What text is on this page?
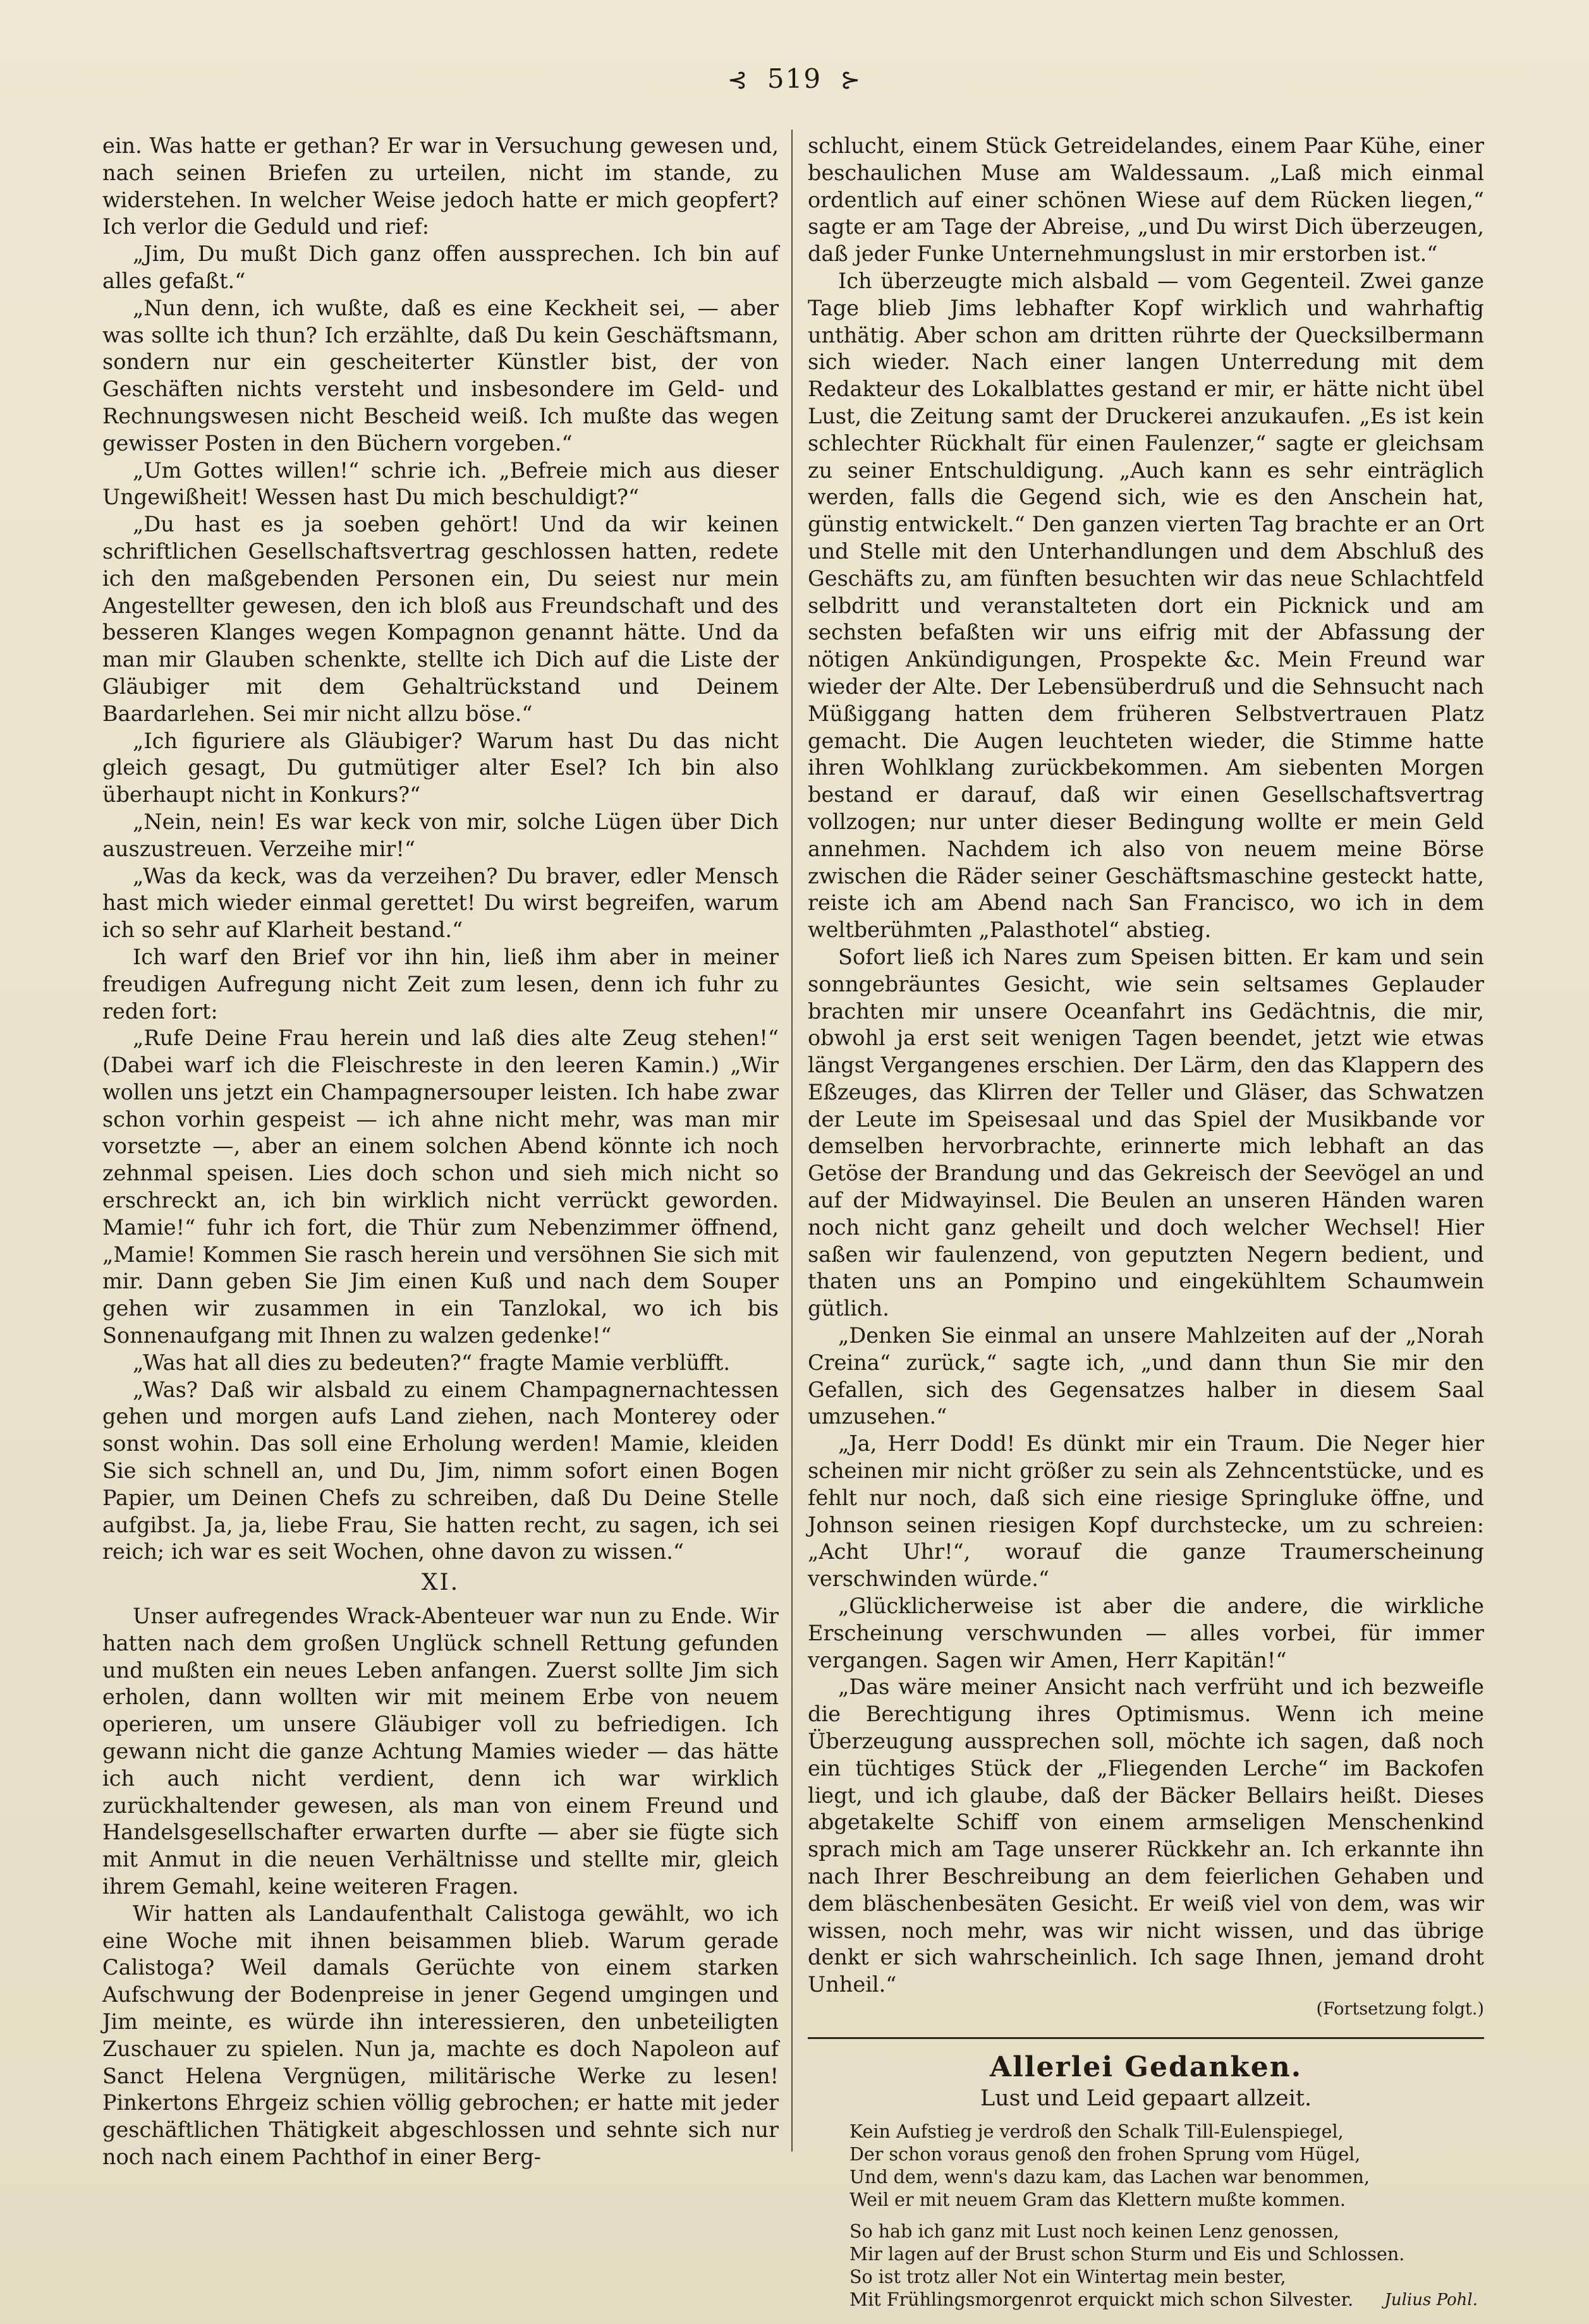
⊰ 519 ⊱

ein. Was hatte er gethan? Er war in Versuchung gewesen und, nach seinen Briefen zu urteilen, nicht im stande, zu widerstehen. In welcher Weise jedoch hatte er mich geopfert? Ich verlor die Geduld und rief:

„Jim, Du mußt Dich ganz offen aussprechen. Ich bin auf alles gefaßt.“

„Nun denn, ich wußte, daß es eine Keckheit sei, — aber was sollte ich thun? Ich erzählte, daß Du kein Geschäftsmann, sondern nur ein gescheiterter Künstler bist, der von Geschäften nichts versteht und insbesondere im Geld- und Rechnungswesen nicht Bescheid weiß. Ich mußte das wegen gewisser Posten in den Büchern vorgeben.“

„Um Gottes willen!“ schrie ich. „Befreie mich aus dieser Ungewißheit! Wessen hast Du mich beschuldigt?“

„Du hast es ja soeben gehört! Und da wir keinen schriftlichen Gesellschaftsvertrag geschlossen hatten, redete ich den maßgebenden Personen ein, Du seiest nur mein Angestellter gewesen, den ich bloß aus Freundschaft und des besseren Klanges wegen Kompagnon genannt hätte. Und da man mir Glauben schenkte, stellte ich Dich auf die Liste der Gläubiger mit dem Gehaltrückstand und Deinem Baardarlehen. Sei mir nicht allzu böse.“

„Ich figuriere als Gläubiger? Warum hast Du das nicht gleich gesagt, Du gutmütiger alter Esel? Ich bin also überhaupt nicht in Konkurs?“

„Nein, nein! Es war keck von mir, solche Lügen über Dich auszustreuen. Verzeihe mir!“

„Was da keck, was da verzeihen? Du braver, edler Mensch hast mich wieder einmal gerettet! Du wirst begreifen, warum ich so sehr auf Klarheit bestand.“

Ich warf den Brief vor ihn hin, ließ ihm aber in meiner freudigen Aufregung nicht Zeit zum lesen, denn ich fuhr zu reden fort:

„Rufe Deine Frau herein und laß dies alte Zeug stehen!“ (Dabei warf ich die Fleischreste in den leeren Kamin.) „Wir wollen uns jetzt ein Champagnersouper leisten. Ich habe zwar schon vorhin gespeist — ich ahne nicht mehr, was man mir vorsetzte —, aber an einem solchen Abend könnte ich noch zehnmal speisen. Lies doch schon und sieh mich nicht so erschreckt an, ich bin wirklich nicht verrückt geworden. Mamie!“ fuhr ich fort, die Thür zum Nebenzimmer öffnend, „Mamie! Kommen Sie rasch herein und versöhnen Sie sich mit mir. Dann geben Sie Jim einen Kuß und nach dem Souper gehen wir zusammen in ein Tanzlokal, wo ich bis Sonnenaufgang mit Ihnen zu walzen gedenke!“

„Was hat all dies zu bedeuten?“ fragte Mamie verblüfft.

„Was? Daß wir alsbald zu einem Champagnernachtessen gehen und morgen aufs Land ziehen, nach Monterey oder sonst wohin. Das soll eine Erholung werden! Mamie, kleiden Sie sich schnell an, und Du, Jim, nimm sofort einen Bogen Papier, um Deinen Chefs zu schreiben, daß Du Deine Stelle aufgibst. Ja, ja, liebe Frau, Sie hatten recht, zu sagen, ich sei reich; ich war es seit Wochen, ohne davon zu wissen.“

XI.

Unser aufregendes Wrack-Abenteuer war nun zu Ende. Wir hatten nach dem großen Unglück schnell Rettung gefunden und mußten ein neues Leben anfangen. Zuerst sollte Jim sich erholen, dann wollten wir mit meinem Erbe von neuem operieren, um unsere Gläubiger voll zu befriedigen. Ich gewann nicht die ganze Achtung Mamies wieder — das hätte ich auch nicht verdient, denn ich war wirklich zurückhaltender gewesen, als man von einem Freund und Handelsgesellschafter erwarten durfte — aber sie fügte sich mit Anmut in die neuen Verhältnisse und stellte mir, gleich ihrem Gemahl, keine weiteren Fragen.

Wir hatten als Landaufenthalt Calistoga gewählt, wo ich eine Woche mit ihnen beisammen blieb. Warum gerade Calistoga? Weil damals Gerüchte von einem starken Aufschwung der Bodenpreise in jener Gegend umgingen und Jim meinte, es würde ihn interessieren, den unbeteiligten Zuschauer zu spielen. Nun ja, machte es doch Napoleon auf Sanct Helena Vergnügen, militärische Werke zu lesen! Pinkertons Ehrgeiz schien völlig gebrochen; er hatte mit jeder geschäftlichen Thätigkeit abgeschlossen und sehnte sich nur noch nach einem Pachthof in einer Berg-

schlucht, einem Stück Getreidelandes, einem Paar Kühe, einer beschaulichen Muse am Waldessaum. „Laß mich einmal ordentlich auf einer schönen Wiese auf dem Rücken liegen,“ sagte er am Tage der Abreise, „und Du wirst Dich überzeugen, daß jeder Funke Unternehmungslust in mir erstorben ist.“

Ich überzeugte mich alsbald — vom Gegenteil. Zwei ganze Tage blieb Jims lebhafter Kopf wirklich und wahrhaftig unthätig. Aber schon am dritten rührte der Quecksilbermann sich wieder. Nach einer langen Unterredung mit dem Redakteur des Lokalblattes gestand er mir, er hätte nicht übel Lust, die Zeitung samt der Druckerei anzukaufen. „Es ist kein schlechter Rückhalt für einen Faulenzer,“ sagte er gleichsam zu seiner Entschuldigung. „Auch kann es sehr einträglich werden, falls die Gegend sich, wie es den Anschein hat, günstig entwickelt.“ Den ganzen vierten Tag brachte er an Ort und Stelle mit den Unterhandlungen und dem Abschluß des Geschäfts zu, am fünften besuchten wir das neue Schlachtfeld selbdritt und veranstalteten dort ein Picknick und am sechsten befaßten wir uns eifrig mit der Abfassung der nötigen Ankündigungen, Prospekte &c. Mein Freund war wieder der Alte. Der Lebensüberdruß und die Sehnsucht nach Müßiggang hatten dem früheren Selbstvertrauen Platz gemacht. Die Augen leuchteten wieder, die Stimme hatte ihren Wohlklang zurückbekommen. Am siebenten Morgen bestand er darauf, daß wir einen Gesellschaftsvertrag vollzogen; nur unter dieser Bedingung wollte er mein Geld annehmen. Nachdem ich also von neuem meine Börse zwischen die Räder seiner Geschäftsmaschine gesteckt hatte, reiste ich am Abend nach San Francisco, wo ich in dem weltberühmten „Palasthotel“ abstieg.

Sofort ließ ich Nares zum Speisen bitten. Er kam und sein sonngebräuntes Gesicht, wie sein seltsames Geplauder brachten mir unsere Oceanfahrt ins Gedächtnis, die mir, obwohl ja erst seit wenigen Tagen beendet, jetzt wie etwas längst Vergangenes erschien. Der Lärm, den das Klappern des Eßzeuges, das Klirren der Teller und Gläser, das Schwatzen der Leute im Speisesaal und das Spiel der Musikbande vor demselben hervorbrachte, erinnerte mich lebhaft an das Getöse der Brandung und das Gekreisch der Seevögel an und auf der Midwayinsel. Die Beulen an unseren Händen waren noch nicht ganz geheilt und doch welcher Wechsel! Hier saßen wir faulenzend, von geputzten Negern bedient, und thaten uns an Pompino und eingekühltem Schaumwein gütlich.

„Denken Sie einmal an unsere Mahlzeiten auf der „Norah Creina“ zurück,“ sagte ich, „und dann thun Sie mir den Gefallen, sich des Gegensatzes halber in diesem Saal umzusehen.“

„Ja, Herr Dodd! Es dünkt mir ein Traum. Die Neger hier scheinen mir nicht größer zu sein als Zehncentstücke, und es fehlt nur noch, daß sich eine riesige Springluke öffne, und Johnson seinen riesigen Kopf durchstecke, um zu schreien: „Acht Uhr!“, worauf die ganze Traumerscheinung verschwinden würde.“

„Glücklicherweise ist aber die andere, die wirkliche Erscheinung verschwunden — alles vorbei, für immer vergangen. Sagen wir Amen, Herr Kapitän!“

„Das wäre meiner Ansicht nach verfrüht und ich bezweifle die Berechtigung ihres Optimismus. Wenn ich meine Überzeugung aussprechen soll, möchte ich sagen, daß noch ein tüchtiges Stück der „Fliegenden Lerche“ im Backofen liegt, und ich glaube, daß der Bäcker Bellairs heißt. Dieses abgetakelte Schiff von einem armseligen Menschenkind sprach mich am Tage unserer Rückkehr an. Ich erkannte ihn nach Ihrer Beschreibung an dem feierlichen Gehaben und dem bläschenbesäten Gesicht. Er weiß viel von dem, was wir wissen, noch mehr, was wir nicht wissen, und das übrige denkt er sich wahrscheinlich. Ich sage Ihnen, jemand droht Unheil.“

(Fortsetzung folgt.)
Allerlei Gedanken.
Lust und Leid gepaart allzeit.
Kein Aufstieg je verdroß den Schalk Till-Eulenspiegel,
Der schon voraus genoß den frohen Sprung vom Hügel,
Und dem, wenn's dazu kam, das Lachen war benommen,
Weil er mit neuem Gram das Klettern mußte kommen.
So hab ich ganz mit Lust noch keinen Lenz genossen,
Mir lagen auf der Brust schon Sturm und Eis und Schlossen.
So ist trotz aller Not ein Wintertag mein bester,
Mit Frühlingsmorgenrot erquickt mich schon Silvester.	Julius Pohl.
